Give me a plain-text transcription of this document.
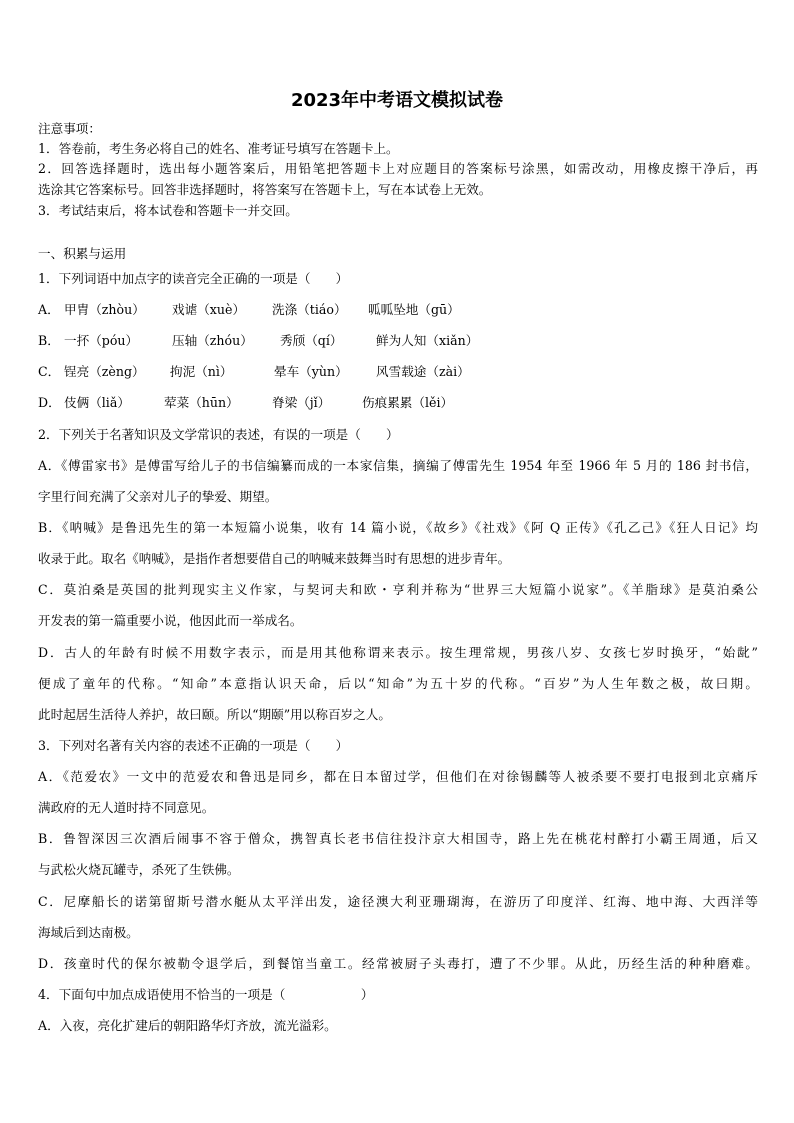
2023年中考语文模拟试卷
注意事项：
1．答卷前，考生务必将自己的姓名、准考证号填写在答题卡上。
2．回答选择题时，选出每小题答案后，用铅笔把答题卡上对应题目的答案标号涂黑，如需改动，用橡皮擦干净后，再
选涂其它答案标号。回答非选择题时，将答案写在答题卡上，写在本试卷上无效。
3．考试结束后，将本试卷和答题卡一并交回。
一、积累与运用
1．下列词语中加点字的读音完全正确的一项是（　　）
A． 甲胄（zhòu） 戏谑（xuè） 洗涤（tiáo） 呱呱坠地（gū）
B． 一抔（póu）	压轴（zhóu） 秀颀（qí）	鲜为人知（xiǎn）
C． 锃亮（zèng） 拘泥（nì）	晕车（yùn） 风雪载途（zài）
D． 伎俩（liǎ）	荤菜（hūn）	脊梁（jǐ）	伤痕累累（lěi）
2．下列关于名著知识及文学常识的表述，有误的一项是（　　）
A．《傅雷家书》是傅雷写给儿子的书信编纂而成的一本家信集，摘编了傅雷先生 1954 年至 1966 年 5 月的 186 封书信，
字里行间充满了父亲对儿子的挚爱、期望。
B．《呐喊》是鲁迅先生的第一本短篇小说集，收有 14 篇小说，《故乡》《社戏》《阿 Q 正传》《孔乙己》《狂人日记》均
收录于此。取名《呐喊》，是指作者想要借自己的呐喊来鼓舞当时有思想的进步青年。
C．莫泊桑是英国的批判现实主义作家，与契诃夫和欧・亨利并称为“世界三大短篇小说家”。《羊脂球》是莫泊桑公
开发表的第一篇重要小说，他因此而一举成名。
D．古人的年龄有时候不用数字表示，而是用其他称谓来表示。按生理常规，男孩八岁、女孩七岁时换牙，“始龀”
便成了童年的代称。“知命”本意指认识天命，后以“知命”为五十岁的代称。“百岁”为人生年数之极，故曰期。
此时起居生活待人养护，故曰颐。所以“期颐”用以称百岁之人。
3．下列对名著有关内容的表述不正确的一项是（　　）
A．《范爱农》一文中的范爱农和鲁迅是同乡，都在日本留过学，但他们在对徐锡麟等人被杀要不要打电报到北京痛斥
满政府的无人道时持不同意见。
B．鲁智深因三次酒后闹事不容于僧众，携智真长老书信往投汴京大相国寺，路上先在桃花村醉打小霸王周通，后又
与武松火烧瓦罐寺，杀死了生铁佛。
C．尼摩船长的诺第留斯号潜水艇从太平洋出发，途径澳大利亚珊瑚海，在游历了印度洋、红海、地中海、大西洋等
海域后到达南极。
D．孩童时代的保尔被勒令退学后，到餐馆当童工。经常被厨子头毒打，遭了不少罪。从此，历经生活的种种磨难。
4．下面句中加点成语使用不恰当的一项是（　　　　　　）
A．入夜，亮化扩建后的朝阳路华灯齐放，流光溢彩。
